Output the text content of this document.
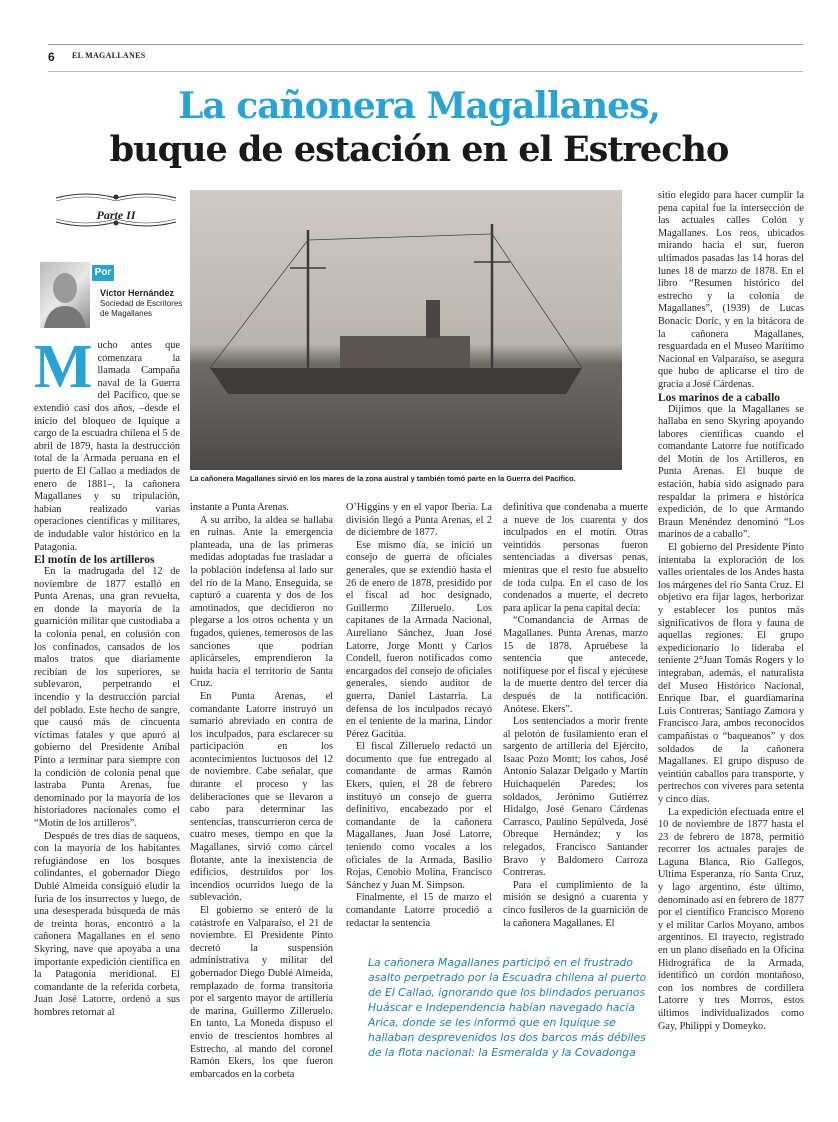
6 EL MAGALLANES
La cañonera Magallanes,
buque de estación en el Estrecho
Parte II
Por
Víctor Hernández
Sociedad de Escritores de Magallanes
La cañonera Magallanes sirvió en los mares de la zona austral y también tomó parte en la Guerra del Pacífico.
M ucho antes que comenzara la llamada Campaña naval de la Guerra del Pacífico, que se extendió casi dos años, –desde el inicio del bloqueo de Iquique a cargo de la escuadra chilena el 5 de abril de 1879, hasta la destrucción total de la Armada peruana en el puerto de El Callao a mediados de enero de 1881–, la cañonera Magallanes y su tripulación, habían realizado varias operaciones científicas y militares, de indudable valor histórico en la Patagonia.

El motín de los artilleros

En la madrugada del 12 de noviembre de 1877 estalló en Punta Arenas, una gran revuelta, en donde la mayoría de la guarnición militar que custodiaba a la colonia penal, en colusión con los confinados, cansados de los malos tratos que diariamente recibían de los superiores, se sublevaron, perpetrando el incendio y la destrucción parcial del poblado. Este hecho de sangre, que causó más de cincuenta víctimas fatales y que apuró al gobierno del Presidente Aníbal Pinto a terminar para siempre con la condición de colonia penal que lastraba Punta Arenas, fue denominado por la mayoría de los historiadores nacionales como el “Motín de los artilleros”.

Después de tres días de saqueos, con la mayoría de los habitantes refugiándose en los bosques colindantes, el gobernador Diego Dublé Almeida consiguió eludir la furia de los insurrectos y luego, de una desesperada búsqueda de más de treinta horas, encontró a la cañonera Magallanes en el seno Skyring, nave que apoyaba a una importante expedición científica en la Patagonia meridional. El comandante de la referida corbeta, Juan José Latorre, ordenó a sus hombres retornar al

instante a Punta Arenas.

A su arribo, la aldea se hallaba en ruinas. Ante la emergencia planteada, una de las primeras medidas adoptadas fue trasladar a la población indefensa al lado sur del río de la Mano. Enseguida, se capturó a cuarenta y dos de los amotinados, que decidieron no plegarse a los otros ochenta y un fugados, quienes, temerosos de las sanciones que podrían aplicárseles, emprendieron la huida hacia el territorio de Santa Cruz.

En Punta Arenas, el comandante Latorre instruyó un sumario abreviado en contra de los inculpados, para esclarecer su participación en los acontecimientos luctuosos del 12 de noviembre. Cabe señalar, que durante el proceso y las deliberaciones que se llevaron a cabo para determinar las sentencias, transcurrieron cerca de cuatro meses, tiempo en que la Magallanes, sirvió como cárcel flotante, ante la inexistencia de edificios, destruidos por los incendios ocurridos luego de la sublevación.

El gobierno se enteró de la catástrofe en Valparaíso, el 21 de noviembre. El Presidente Pinto decretó la suspensión administrativa y militar del gobernador Diego Dublé Almeida, remplazado de forma transitoria por el sargento mayor de artillería de marina, Guillermo Zilleruelo. En tanto, La Moneda dispuso el envío de trescientos hombres al Estrecho, al mando del coronel Ramón Ekers, los que fueron embarcados en la corbeta

O’Higgins y en el vapor Iberia. La división llegó a Punta Arenas, el 2 de diciembre de 1877.

Ese mismo día, se inició un consejo de guerra de oficiales generales, que se extendió hasta el 26 de enero de 1878, presidido por el fiscal ad hoc designado, Guillermo Zilleruelo. Los capitanes de la Armada Nacional, Aureliano Sánchez, Juan José Latorre, Jorge Montt y Carlos Condell, fueron notificados como encargados del consejo de oficiales generales, siendo auditor de guerra, Daniel Lastarria. La defensa de los inculpados recayó en el teniente de la marina, Lindor Pérez Gacitúa.

El fiscal Zilleruelo redactó un documento que fue entregado al comandante de armas Ramón Ekers, quien, el 28 de febrero instituyó un consejo de guerra definitivo, encabezado por el comandante de la cañonera Magallanes, Juan José Latorre, teniendo como vocales a los oficiales de la Armada, Basilio Rojas, Cenobio Molina, Francisco Sánchez y Juan M. Simpson.

Finalmente, el 15 de marzo el comandante Latorre procedió a redactar la sentencia

definitiva que condenaba a muerte a nueve de los cuarenta y dos inculpados en el motín. Otras veintidós personas fueron sentenciadas a diversas penas, mientras que el resto fue absuelto de toda culpa. En el caso de los condenados a muerte, el decreto para aplicar la pena capital decía:

“Comandancia de Armas de Magallanes. Punta Arenas, marzo 15 de 1878. Apruébese la sentencia que antecede, notifíquese por el fiscal y ejecútese la de muerte dentro del tercer día después de la notificación. Anótese. Ekers”.

Los sentenciados a morir frente al pelotón de fusilamiento eran el sargento de artillería del Ejército, Isaac Pozo Montt; los cabos, José Antonio Salazar Delgado y Martín Huichaquelén Paredes; los soldados, Jerónimo Gutiérrez Hidalgo, José Genaro Cárdenas Carrasco, Paulino Sepúlveda, José Obreque Hernández; y los relegados, Francisco Santander Bravo y Baldomero Carroza Contreras.

Para el cumplimiento de la misión se designó a cuarenta y cinco fusileros de la guarnición de la cañonera Magallanes. El

La cañonera Magallanes participó en el frustrado asalto perpetrado por la Escuadra chilena al puerto de El Callao, ignorando que los blindados peruanos Huáscar e Independencia habían navegado hacia Arica, donde se les informó que en Iquique se hallaban desprevenidos los dos barcos más débiles de la flota nacional: la Esmeralda y la Covadonga

sitio elegido para hacer cumplir la pena capital fue la intersección de las actuales calles Colón y Magallanes. Los reos, ubicados mirando hacia el sur, fueron ultimados pasadas las 14 horas del lunes 18 de marzo de 1878. En el libro “Resumen histórico del estrecho y la colonia de Magallanes”, (1939) de Lucas Bonacic Doric, y en la bitácora de la cañonera Magallanes, resguardada en el Museo Marítimo Nacional en Valparaíso, se asegura que hubo de aplicarse el tiro de gracia a José Cárdenas.

Los marinos de a caballo

Dijimos que la Magallanes se hallaba en seno Skyring apoyando labores científicas cuando el comandante Latorre fue notificado del Motín de los Artilleros, en Punta Arenas. El buque de estación, había sido asignado para respaldar la primera e histórica expedición, de lo que Armando Braun Menéndez denominó “Los marinos de a caballo”.

El gobierno del Presidente Pinto intentaba la exploración de los valles orientales de los Andes hasta los márgenes del río Santa Cruz. El objetivo era fijar lagos, herborizar y establecer los puntos más significativos de flora y fauna de aquellas regiones. El grupo expedicionario lo lideraba el teniente 2°Juan Tomás Rogers y lo integraban, además, el naturalista del Museo Histórico Nacional, Enrique Ibar, el guardiamarina Luis Contreras; Santiago Zamora y Francisco Jara, ambos reconocidos campañistas o “baqueanos” y dos soldados de la cañonera Magallanes. El grupo dispuso de veintiún caballos para transporte, y pertrechos con víveres para setenta y cinco días.

La expedición efectuada entre el 10 de noviembre de 1877 hasta el 23 de febrero de 1878, permitió recorrer los actuales parajes de Laguna Blanca, Río Gallegos, Ultima Esperanza, río Santa Cruz, y lago argentino, éste último, denominado así en febrero de 1877 por el científico Francisco Moreno y el militar Carlos Moyano, ambos argentinos. El trayecto, registrado en un plano diseñado en la Oficina Hidrográfica de la Armada, identificó un cordón montañoso, con los nombres de cordillera Latorre y tres Morros, estos últimos individualizados como Gay, Philippi y Domeyko.
